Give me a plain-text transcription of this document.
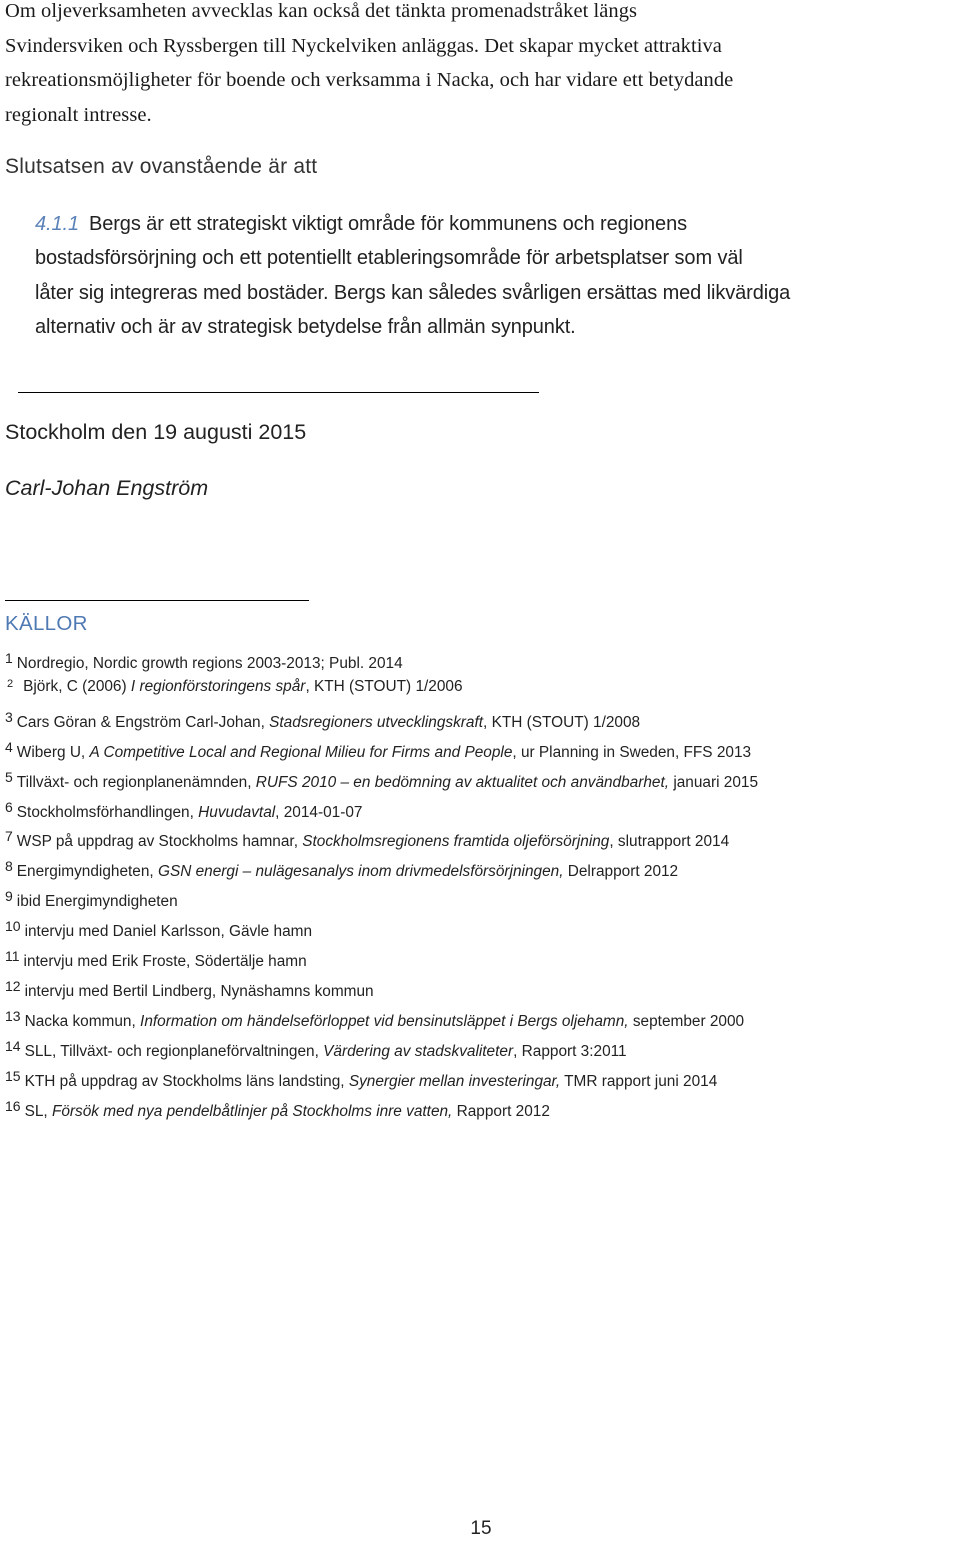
Om oljeverksamheten avvecklas kan också det tänkta promenadstråket längs
Svindersviken och Ryssbergen till Nyckelviken anläggas. Det skapar mycket attraktiva
rekreationsmöjligheter för boende och verksamma i Nacka, och har vidare ett betydande
regionalt intresse.

Slutsatsen av ovanstående är att

4.1.1 Bergs är ett strategiskt viktigt område för kommunens och regionens
bostadsförsörjning och ett potentiellt etableringsområde för arbetsplatser som väl
låter sig integreras med bostäder. Bergs kan således svårligen ersättas med likvärdiga
alternativ och är av strategisk betydelse från allmän synpunkt.

Stockholm den 19 augusti 2015

Carl-Johan Engström

KÄLLOR
$^1$ Nordregio, Nordic growth regions 2003-2013; Publ. 2014
$^2$ Björk, C (2006) I regionförstoringens spår, KTH (STOUT) 1/2006
$^3$ Cars Göran & Engström Carl-Johan, Stadsregioners utvecklingskraft, KTH (STOUT) 1/2008
$^4$ Wiberg U, A Competitive Local and Regional Milieu for Firms and People, ur Planning in Sweden, FFS 2013
$^5$ Tillväxt- och regionplanenämnden, RUFS 2010 – en bedömning av aktualitet och användbarhet, januari 2015
$^6$ Stockholmsförhandlingen, Huvudavtal, 2014-01-07
$^7$ WSP på uppdrag av Stockholms hamnar, Stockholmsregionens framtida oljeförsörjning, slutrapport 2014
$^8$ Energimyndigheten, GSN energi – nulägesanalys inom drivmedelsförsörjningen, Delrapport 2012
$^9$ ibid Energimyndigheten
$^{10}$ intervju med Daniel Karlsson, Gävle hamn
$^{11}$ intervju med Erik Froste, Södertälje hamn
$^{12}$ intervju med Bertil Lindberg, Nynäshamns kommun
$^{13}$ Nacka kommun, Information om händelseförloppet vid bensinutsläppet i Bergs oljehamn, september 2000
$^{14}$ SLL, Tillväxt- och regionplaneförvaltningen, Värdering av stadskvaliteter, Rapport 3:2011
$^{15}$ KTH på uppdrag av Stockholms läns landsting, Synergier mellan investeringar, TMR rapport juni 2014
$^{16}$ SL, Försök med nya pendelbåtlinjer på Stockholms inre vatten, Rapport 2012

15
